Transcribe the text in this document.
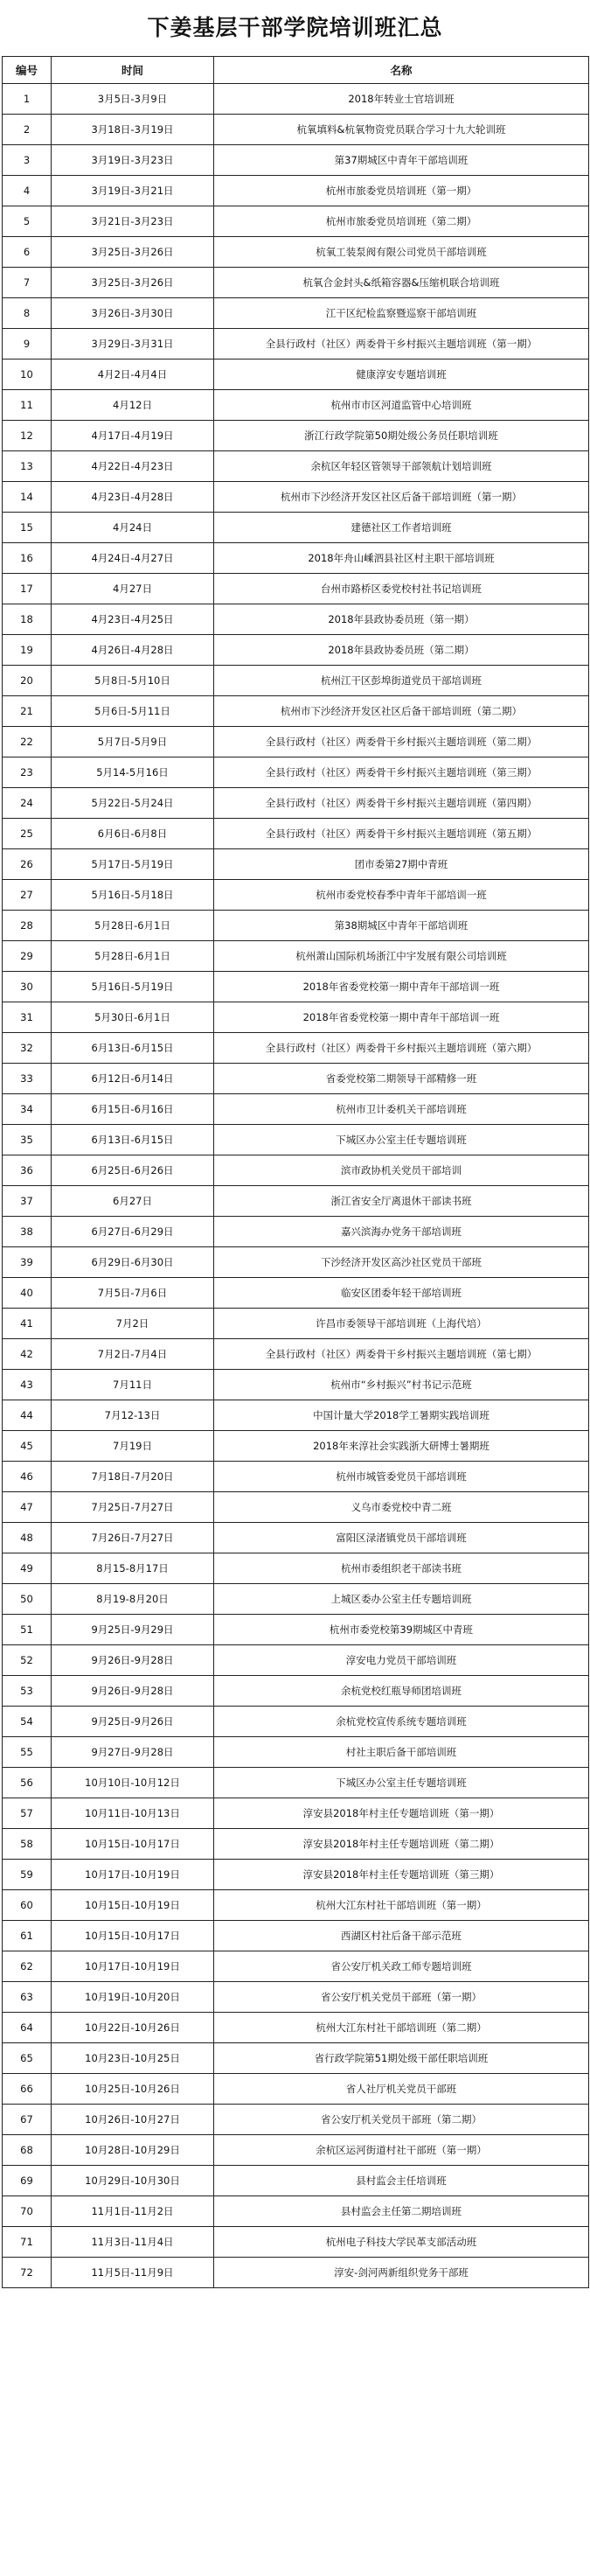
下姜基层干部学院培训班汇总
编号	时间	名称
1	3月5日-3月9日	2018年转业士官培训班
2	3月18日-3月19日	杭氧填料&杭氧物资党员联合学习十九大轮训班
3	3月19日-3月23日	第37期城区中青年干部培训班
4	3月19日-3月21日	杭州市旅委党员培训班（第一期）
5	3月21日-3月23日	杭州市旅委党员培训班（第二期）
6	3月25日-3月26日	杭氧工装泵阀有限公司党员干部培训班
7	3月25日-3月26日	杭氧合金封头&纸箱容器&压缩机联合培训班
8	3月26日-3月30日	江干区纪检监察暨巡察干部培训班
9	3月29日-3月31日	全县行政村（社区）两委骨干乡村振兴主题培训班（第一期）
10	4月2日-4月4日	健康淳安专题培训班
11	4月12日	杭州市市区河道监管中心培训班
12	4月17日-4月19日	浙江行政学院第50期处级公务员任职培训班
13	4月22日-4月23日	余杭区年轻区管领导干部领航计划培训班
14	4月23日-4月28日	杭州市下沙经济开发区社区后备干部培训班（第一期）
15	4月24日	建德社区工作者培训班
16	4月24日-4月27日	2018年舟山嵊泗县社区村主职干部培训班
17	4月27日	台州市路桥区委党校村社书记培训班
18	4月23日-4月25日	2018年县政协委员班（第一期）
19	4月26日-4月28日	2018年县政协委员班（第二期）
20	5月8日-5月10日	杭州江干区彭埠街道党员干部培训班
21	5月6日-5月11日	杭州市下沙经济开发区社区后备干部培训班（第二期）
22	5月7日-5月9日	全县行政村（社区）两委骨干乡村振兴主题培训班（第二期）
23	5月14-5月16日	全县行政村（社区）两委骨干乡村振兴主题培训班（第三期）
24	5月22日-5月24日	全县行政村（社区）两委骨干乡村振兴主题培训班（第四期）
25	6月6日-6月8日	全县行政村（社区）两委骨干乡村振兴主题培训班（第五期）
26	5月17日-5月19日	团市委第27期中青班
27	5月16日-5月18日	杭州市委党校春季中青年干部培训一班
28	5月28日-6月1日	第38期城区中青年干部培训班
29	5月28日-6月1日	杭州萧山国际机场浙江中宇发展有限公司培训班
30	5月16日-5月19日	2018年省委党校第一期中青年干部培训一班
31	5月30日-6月1日	2018年省委党校第一期中青年干部培训一班
32	6月13日-6月15日	全县行政村（社区）两委骨干乡村振兴主题培训班（第六期）
33	6月12日-6月14日	省委党校第二期领导干部精修一班
34	6月15日-6月16日	杭州市卫计委机关干部培训班
35	6月13日-6月15日	下城区办公室主任专题培训班
36	6月25日-6月26日	滨市政协机关党员干部培训
37	6月27日	浙江省安全厅离退休干部读书班
38	6月27日-6月29日	嘉兴滨海办党务干部培训班
39	6月29日-6月30日	下沙经济开发区高沙社区党员干部班
40	7月5日-7月6日	临安区团委年轻干部培训班
41	7月2日	许昌市委领导干部培训班（上海代培）
42	7月2日-7月4日	全县行政村（社区）两委骨干乡村振兴主题培训班（第七期）
43	7月11日	杭州市“乡村振兴”村书记示范班
44	7月12-13日	中国计量大学2018学工暑期实践培训班
45	7月19日	2018年来淳社会实践浙大研博士暑期班
46	7月18日-7月20日	杭州市城管委党员干部培训班
47	7月25日-7月27日	义乌市委党校中青二班
48	7月26日-7月27日	富阳区渌渚镇党员干部培训班
49	8月15-8月17日	杭州市委组织老干部读书班
50	8月19-8月20日	上城区委办公室主任专题培训班
51	9月25日-9月29日	杭州市委党校第39期城区中青班
52	9月26日-9月28日	淳安电力党员干部培训班
53	9月26日-9月28日	余杭党校红瓶导师团培训班
54	9月25日-9月26日	余杭党校宣传系统专题培训班
55	9月27日-9月28日	村社主职后备干部培训班
56	10月10日-10月12日	下城区办公室主任专题培训班
57	10月11日-10月13日	淳安县2018年村主任专题培训班（第一期）
58	10月15日-10月17日	淳安县2018年村主任专题培训班（第二期）
59	10月17日-10月19日	淳安县2018年村主任专题培训班（第三期）
60	10月15日-10月19日	杭州大江东村社干部培训班（第一期）
61	10月15日-10月17日	西湖区村社后备干部示范班
62	10月17日-10月19日	省公安厅机关政工师专题培训班
63	10月19日-10月20日	省公安厅机关党员干部班（第一期）
64	10月22日-10月26日	杭州大江东村社干部培训班（第二期）
65	10月23日-10月25日	省行政学院第51期处级干部任职培训班
66	10月25日-10月26日	省人社厅机关党员干部班
67	10月26日-10月27日	省公安厅机关党员干部班（第二期）
68	10月28日-10月29日	余杭区运河街道村社干部班（第一期）
69	10月29日-10月30日	县村监会主任培训班
70	11月1日-11月2日	县村监会主任第二期培训班
71	11月3日-11月4日	杭州电子科技大学民革支部活动班
72	11月5日-11月9日	淳安-剑河两新组织党务干部班
